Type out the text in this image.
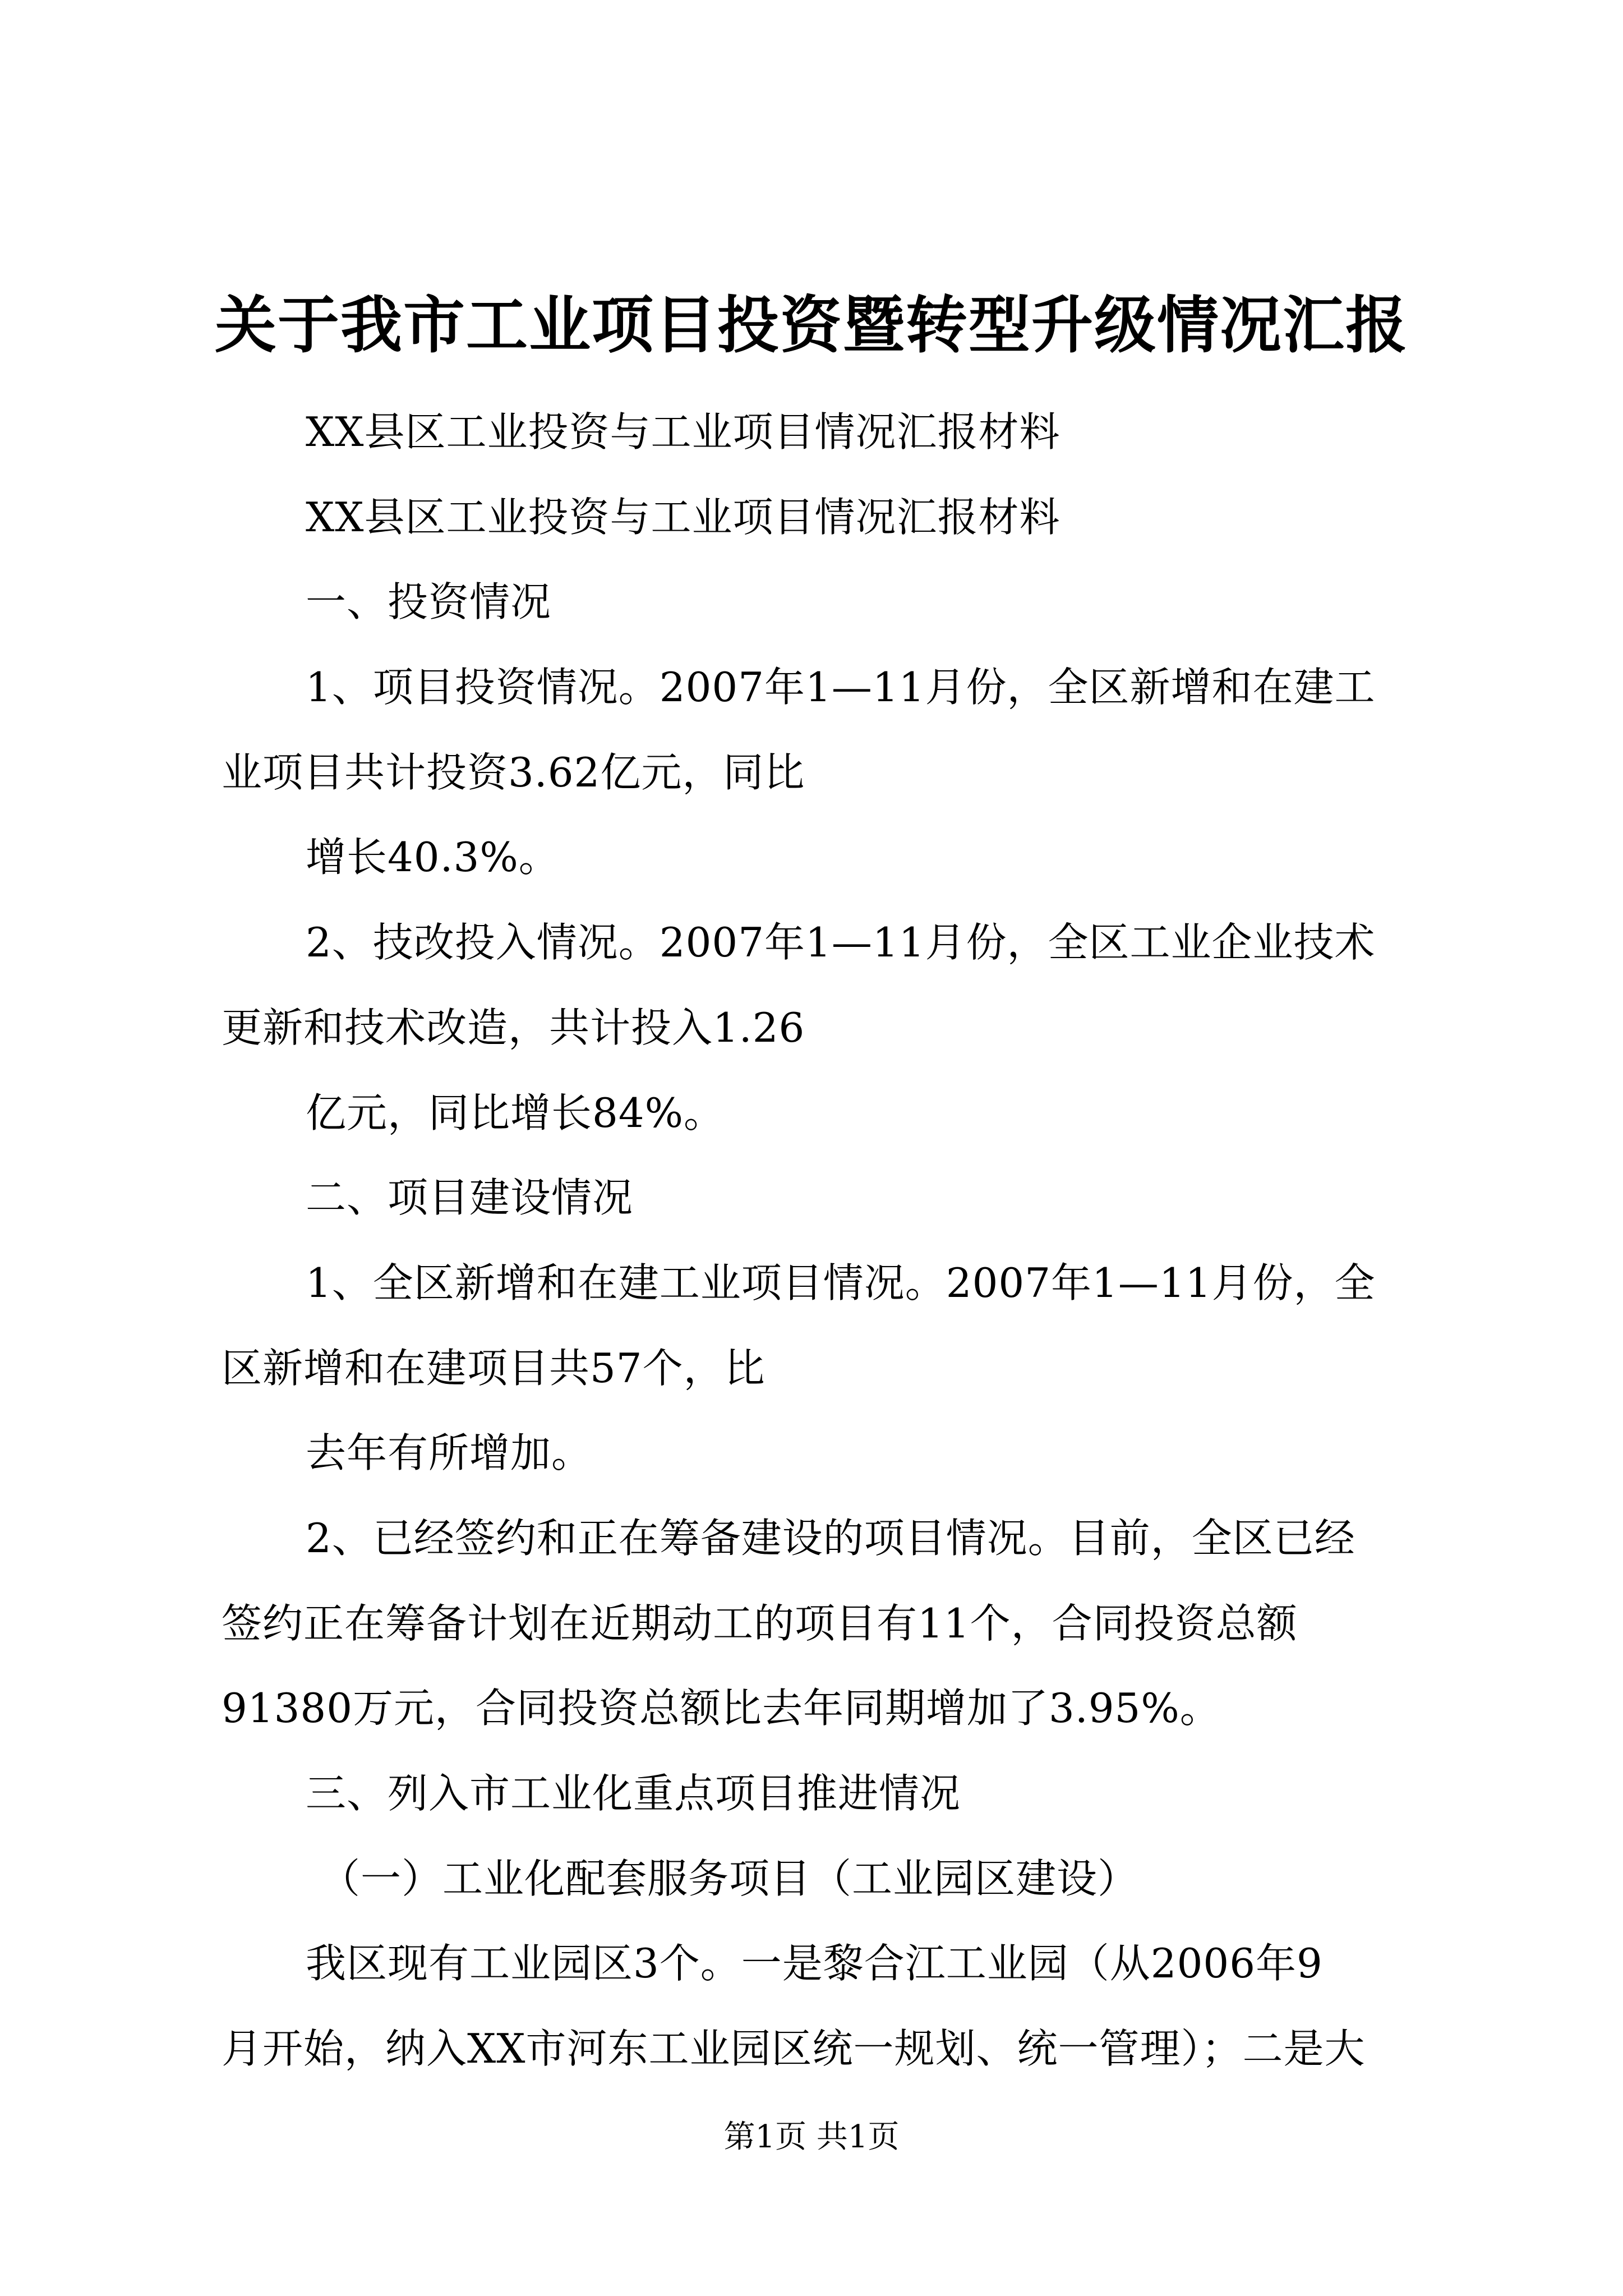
关于我市工业项目投资暨转型升级情况汇报
XX县区工业投资与工业项目情况汇报材料
XX县区工业投资与工业项目情况汇报材料
一、投资情况
1、项目投资情况。2007年1—11月份，全区新增和在建工
业项目共计投资3.62亿元，同比
增长40.3%。
2、技改投入情况。2007年1—11月份，全区工业企业技术
更新和技术改造，共计投入1.26
亿元，同比增长84%。
二、项目建设情况
1、全区新增和在建工业项目情况。2007年1—11月份，全
区新增和在建项目共57个，比
去年有所增加。
2、已经签约和正在筹备建设的项目情况。目前，全区已经
签约正在筹备计划在近期动工的项目有11个，合同投资总额
91380万元，合同投资总额比去年同期增加了3.95%。
三、列入市工业化重点项目推进情况
（一）工业化配套服务项目（工业园区建设）
我区现有工业园区3个。一是黎合江工业园（从2006年9
月开始，纳入XX市河东工业园区统一规划、统一管理）；二是大
第1页 共1页
